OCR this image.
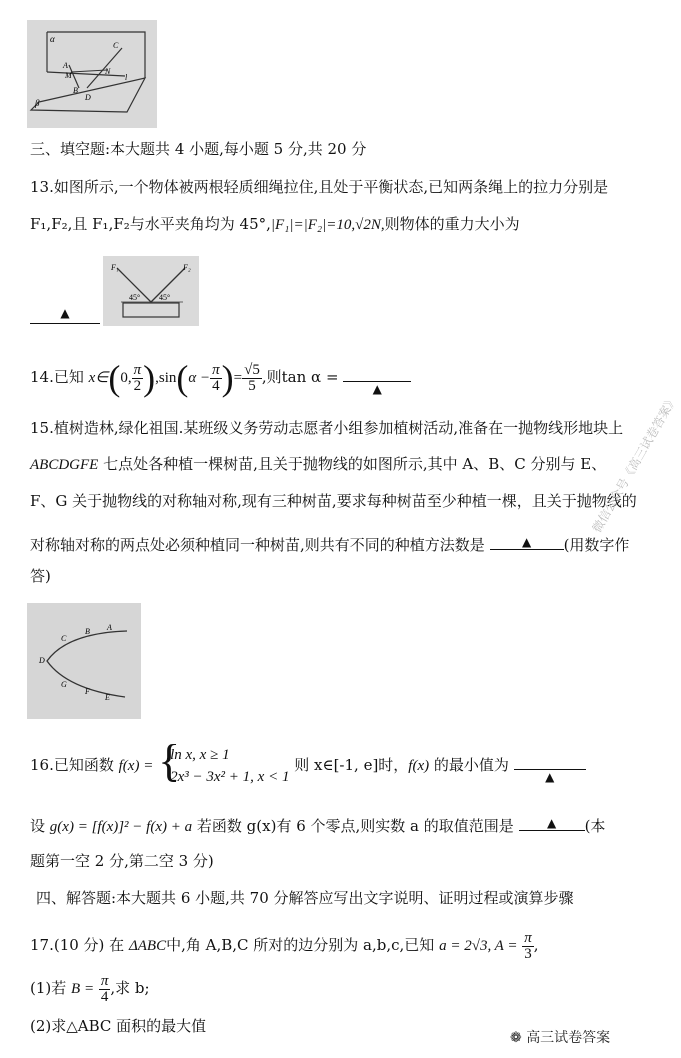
α
β
C
A
M	N
B
D
l
三、填空题:本大题共 4 小题,每小题 5 分,共 20 分
13.如图所示,一个物体被两根轻质细绳拉住,且处于平衡状态,已知两条绳上的拉力分别是
F₁,F₂,且 F₁,F₂与水平夹角均为 45°,|F₁|=|F₂|=10,√2N,则物体的重力大小为
F₁	F₂
45° 45°
▲
14.已知 x∈(0, $\frac{\pi}{2} ),\sin(\alpha - \frac{\pi}{4}$ )= $\frac{√5}{5}$ ,则tan α =
▲
15.植树造林,绿化祖国.某班级义务劳动志愿者小组参加植树活动,准备在一抛物线形地块上
ABCDGFE 七点处各种植一棵树苗,且关于抛物线的如图所示,其中 A、B、C 分别与 E、
F、G 关于抛物线的对称轴对称,现有三种树苗,要求每种树苗至少种植一棵，且关于抛物线的
对称轴对称的两点处必须种植同一种树苗,则共有不同的种植方法数是	▲ (用数字作
答)
A
B
C
D
G
F
E
16.已知函数 f(x) = {
ln x, x ≥ 1
2x³ − 3x² + 1, x < 1
则 x∈[-1, e]时，f(x) 的最小值为
▲
设 g(x) = [f(x)]² − f(x) + a 若函数 g(x)有 6 个零点,则实数 a 的取值范围是	▲ (本
题第一空 2 分,第二空 3 分)
四、解答题:本大题共 6 小题,共 70 分解答应写出文字说明、证明过程或演算步骤
17.(10 分) 在 ΔABC中,角 A,B,C 所对的边分别为 a,b,c,已知 a = 2√3, $A = \frac{\pi}{3}$ ,
(1)若 $B = \frac{\pi}{4}$ ,求 b;
(2)求△ABC 面积的最大值
微信公众号《高三试卷答案》
❁ 高三试卷答案
